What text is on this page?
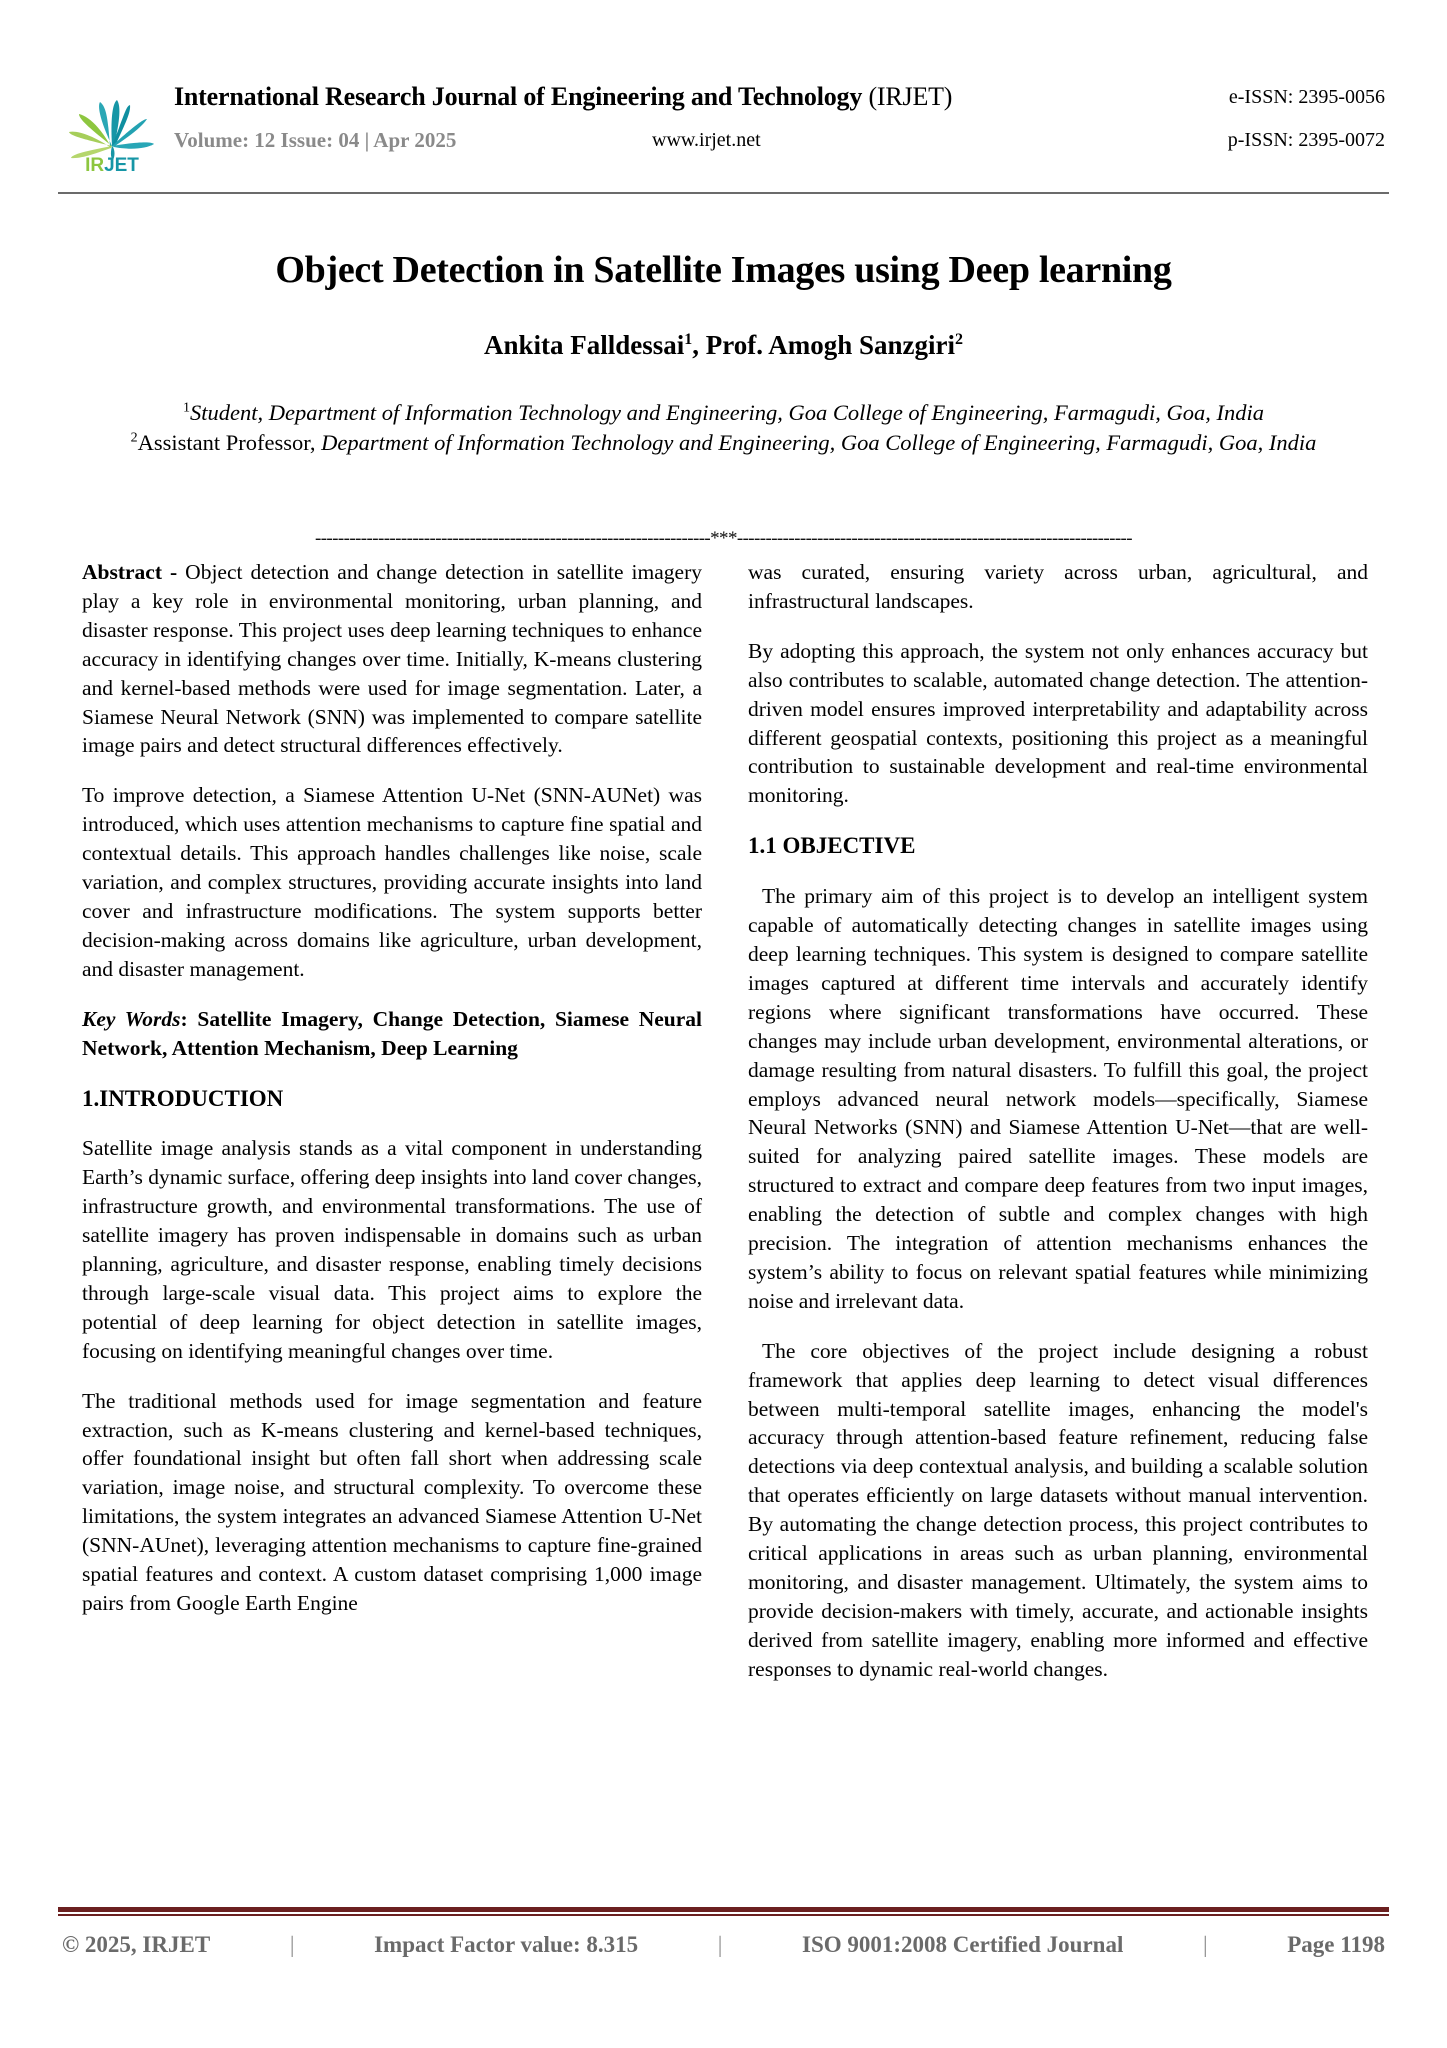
IRJET
International Research Journal of Engineering and Technology (IRJET)	e-ISSN: 2395-0056
Volume: 12 Issue: 04 | Apr 2025	www.irjet.net	p-ISSN: 2395-0072
Object Detection in Satellite Images using Deep learning
Ankita Falldessai$^1$, Prof. Amogh Sanzgiri$^2$
$^1$Student, Department of Information Technology and Engineering, Goa College of Engineering, Farmagudi, Goa, India
$^2$Assistant Professor, Department of Information Technology and Engineering, Goa College of Engineering, Farmagudi, Goa, India
---------------------------------------------------------------------***---------------------------------------------------------------------

Abstract - Object detection and change detection in satellite imagery play a key role in environmental monitoring, urban planning, and disaster response. This project uses deep learning techniques to enhance accuracy in identifying changes over time. Initially, K-means clustering and kernel-based methods were used for image segmentation. Later, a Siamese Neural Network (SNN) was implemented to compare satellite image pairs and detect structural differences effectively.

To improve detection, a Siamese Attention U-Net (SNN-AUNet) was introduced, which uses attention mechanisms to capture fine spatial and contextual details. This approach handles challenges like noise, scale variation, and complex structures, providing accurate insights into land cover and infrastructure modifications. The system supports better decision-making across domains like agriculture, urban development, and disaster management.

Key Words: Satellite Imagery, Change Detection, Siamese Neural Network, Attention Mechanism, Deep Learning

1.INTRODUCTION

Satellite image analysis stands as a vital component in understanding Earth’s dynamic surface, offering deep insights into land cover changes, infrastructure growth, and environmental transformations. The use of satellite imagery has proven indispensable in domains such as urban planning, agriculture, and disaster response, enabling timely decisions through large-scale visual data. This project aims to explore the potential of deep learning for object detection in satellite images, focusing on identifying meaningful changes over time.

The traditional methods used for image segmentation and feature extraction, such as K-means clustering and kernel-based techniques, offer foundational insight but often fall short when addressing scale variation, image noise, and structural complexity. To overcome these limitations, the system integrates an advanced Siamese Attention U-Net (SNN-AUnet), leveraging attention mechanisms to capture fine-grained spatial features and context. A custom dataset comprising 1,000 image pairs from Google Earth Engine

was curated, ensuring variety across urban, agricultural, and infrastructural landscapes.

By adopting this approach, the system not only enhances accuracy but also contributes to scalable, automated change detection. The attention-driven model ensures improved interpretability and adaptability across different geospatial contexts, positioning this project as a meaningful contribution to sustainable development and real-time environmental monitoring.

1.1 OBJECTIVE

The primary aim of this project is to develop an intelligent system capable of automatically detecting changes in satellite images using deep learning techniques. This system is designed to compare satellite images captured at different time intervals and accurately identify regions where significant transformations have occurred. These changes may include urban development, environmental alterations, or damage resulting from natural disasters. To fulfill this goal, the project employs advanced neural network models—specifically, Siamese Neural Networks (SNN) and Siamese Attention U-Net—that are well-suited for analyzing paired satellite images. These models are structured to extract and compare deep features from two input images, enabling the detection of subtle and complex changes with high precision. The integration of attention mechanisms enhances the system’s ability to focus on relevant spatial features while minimizing noise and irrelevant data.

The core objectives of the project include designing a robust framework that applies deep learning to detect visual differences between multi-temporal satellite images, enhancing the model's accuracy through attention-based feature refinement, reducing false detections via deep contextual analysis, and building a scalable solution that operates efficiently on large datasets without manual intervention. By automating the change detection process, this project contributes to critical applications in areas such as urban planning, environmental monitoring, and disaster management. Ultimately, the system aims to provide decision-makers with timely, accurate, and actionable insights derived from satellite imagery, enabling more informed and effective responses to dynamic real-world changes.

© 2025, IRJET	|	Impact Factor value: 8.315	|	ISO 9001:2008 Certified Journal	|	Page 1198
